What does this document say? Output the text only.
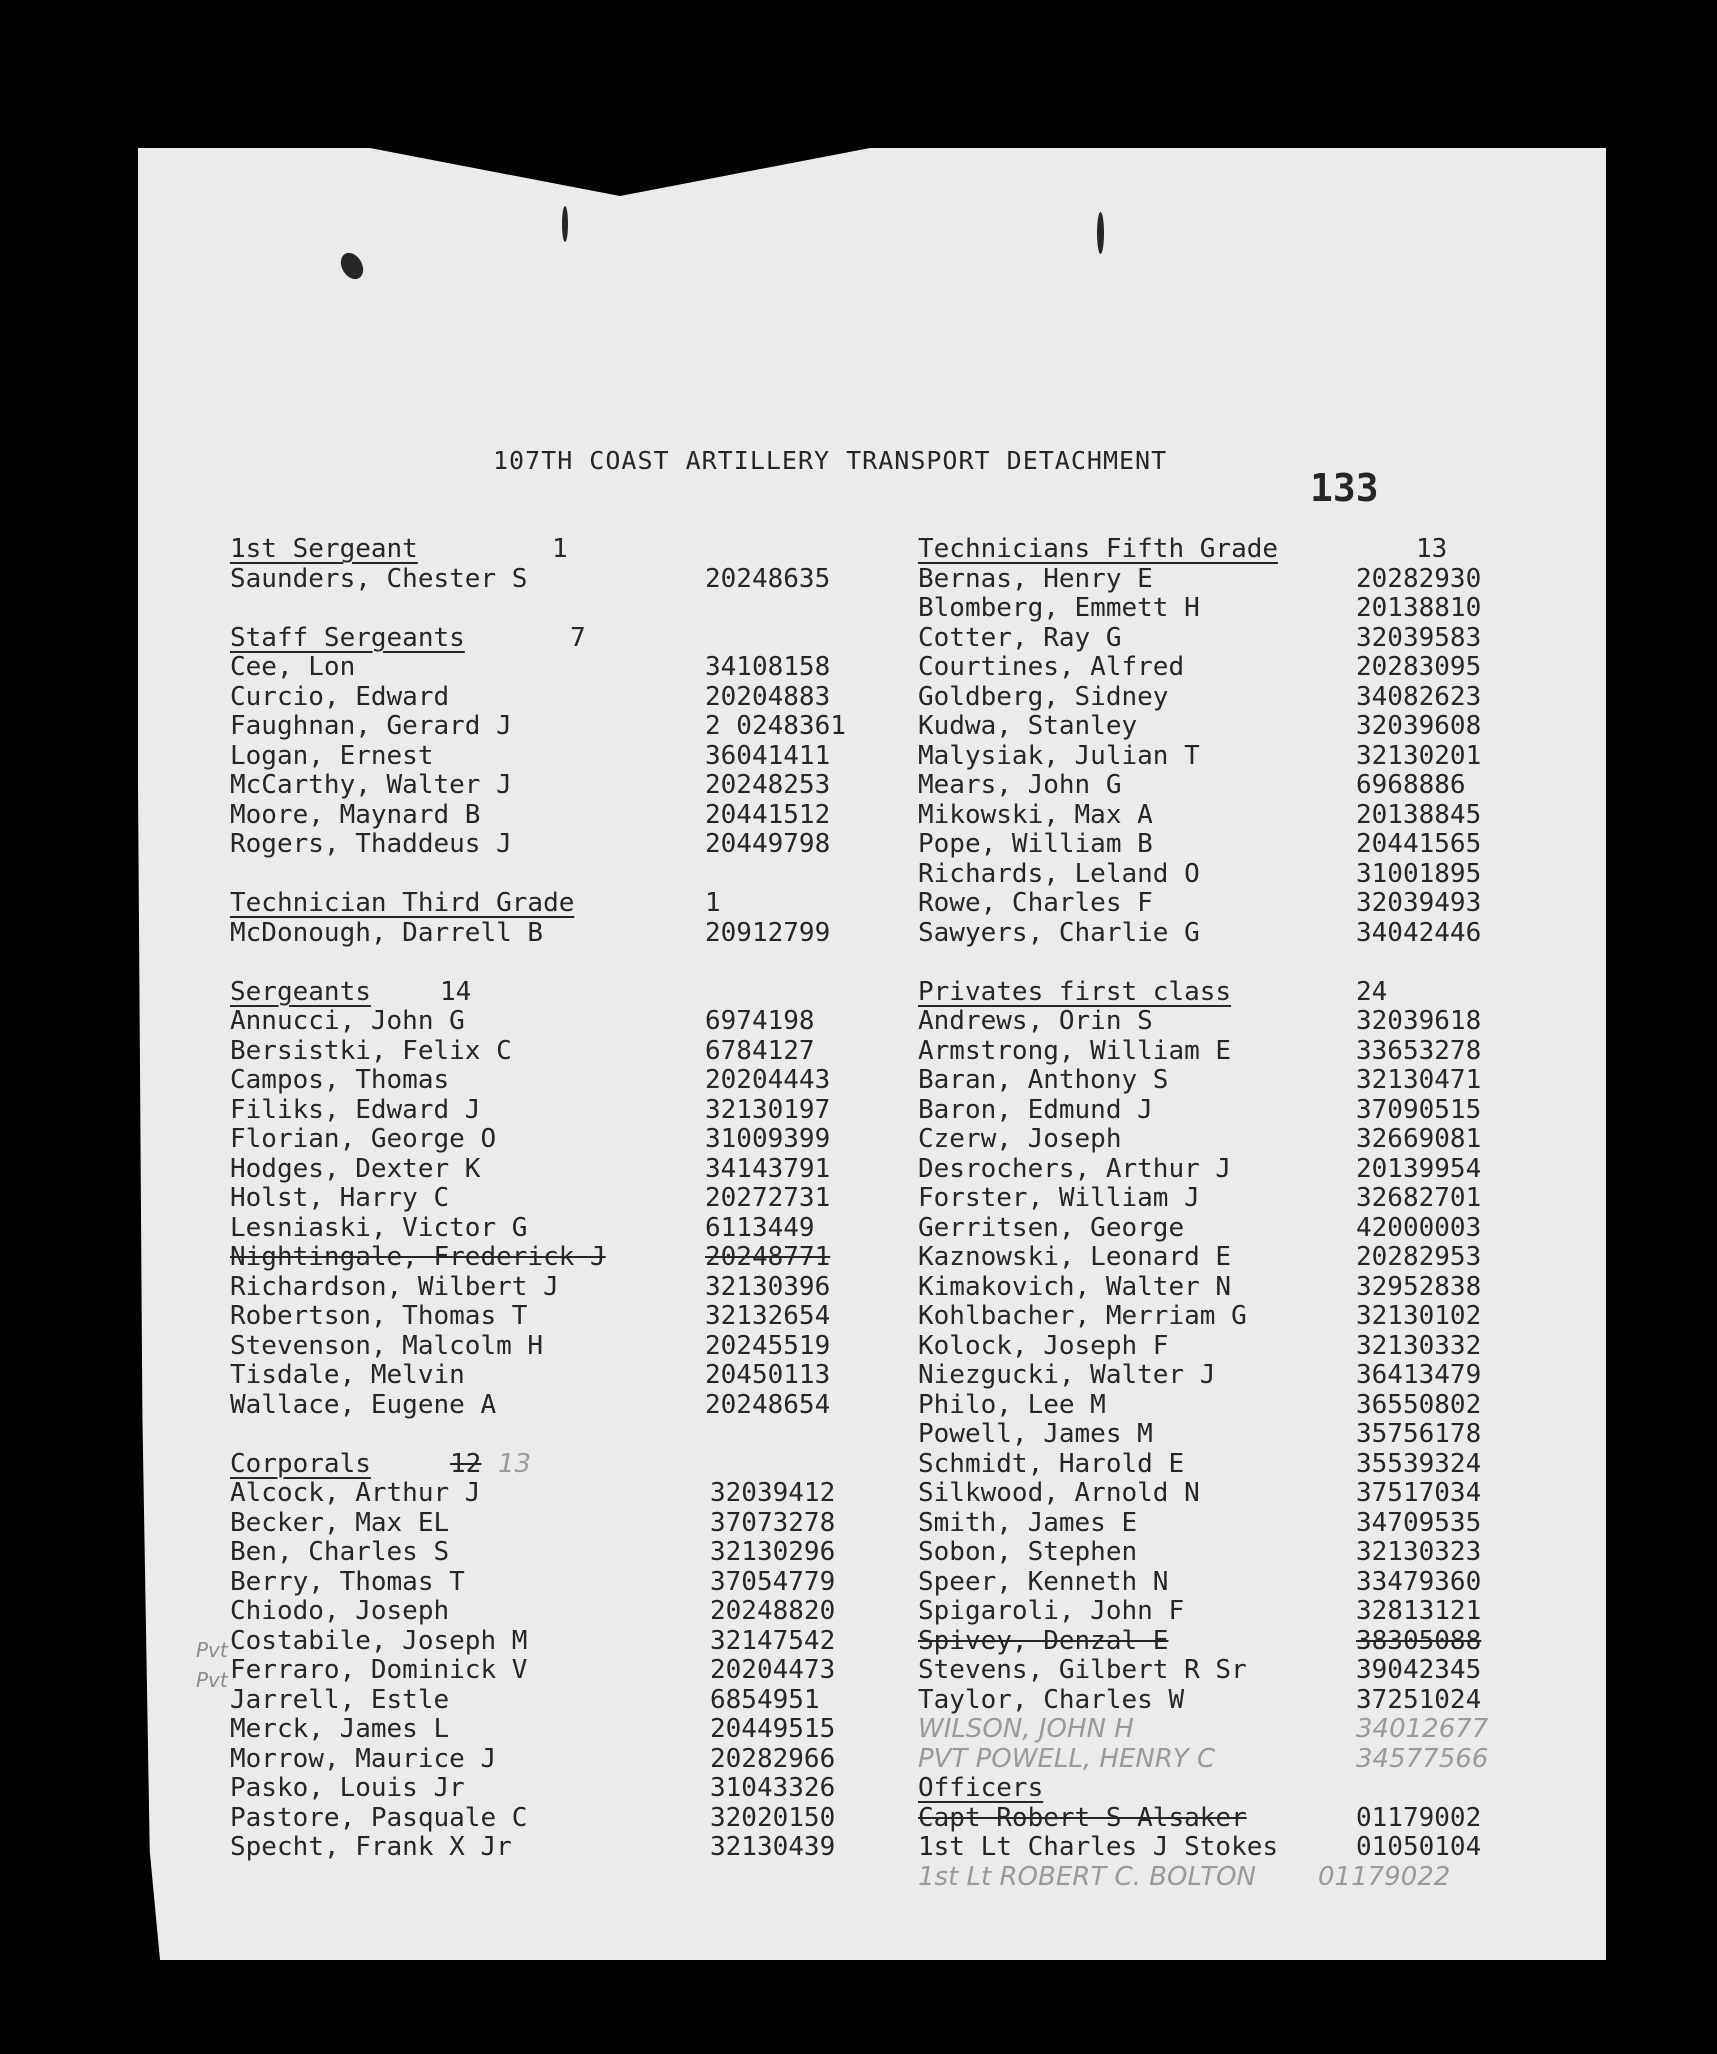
107TH COAST ARTILLERY TRANSPORT DETACHMENT
133
1st Sergeant	1
Saunders, Chester S	20248635
Staff Sergeants	7
Cee, Lon	34108158
Curcio, Edward	20204883
Faughnan, Gerard J	2 0248361
Logan, Ernest	36041411
McCarthy, Walter J	20248253
Moore, Maynard B	20441512
Rogers, Thaddeus J	20449798
Technician Third Grade	1
McDonough, Darrell B	20912799
Sergeants	14
Annucci, John G	6974198
Bersistki, Felix C	6784127
Campos, Thomas	20204443
Filiks, Edward J	32130197
Florian, George O	31009399
Hodges, Dexter K	34143791
Holst, Harry C	20272731
Lesniaski, Victor G	6113449
Nightingale, Frederick J	20248771
Richardson, Wilbert J	32130396
Robertson, Thomas T	32132654
Stevenson, Malcolm H	20245519
Tisdale, Melvin	20450113
Wallace, Eugene A	20248654
Corporals	12 13
Alcock, Arthur J	32039412
Becker, Max EL	37073278
Ben, Charles S	32130296
Berry, Thomas T	37054779
Chiodo, Joseph	20248820
Costabile, Joseph M	32147542
Ferraro, Dominick V	20204473
Jarrell, Estle	6854951
Merck, James L	20449515
Morrow, Maurice J	20282966
Pasko, Louis Jr	31043326
Pastore, Pasquale C	32020150
Specht, Frank X Jr	32130439
Technicians Fifth Grade	13
Bernas, Henry E	20282930
Blomberg, Emmett H	20138810
Cotter, Ray G	32039583
Courtines, Alfred	20283095
Goldberg, Sidney	34082623
Kudwa, Stanley	32039608
Malysiak, Julian T	32130201
Mears, John G	6968886
Mikowski, Max A	20138845
Pope, William B	20441565
Richards, Leland O	31001895
Rowe, Charles F	32039493
Sawyers, Charlie G	34042446
Privates first class	24
Andrews, Orin S	32039618
Armstrong, William E	33653278
Baran, Anthony S	32130471
Baron, Edmund J	37090515
Czerw, Joseph	32669081
Desrochers, Arthur J	20139954
Forster, William J	32682701
Gerritsen, George	42000003
Kaznowski, Leonard E	20282953
Kimakovich, Walter N	32952838
Kohlbacher, Merriam G	32130102
Kolock, Joseph F	32130332
Niezgucki, Walter J	36413479
Philo, Lee M	36550802
Powell, James M	35756178
Schmidt, Harold E	35539324
Silkwood, Arnold N	37517034
Smith, James E	34709535
Sobon, Stephen	32130323
Speer, Kenneth N	33479360
Spigaroli, John F	32813121
Spivey, Denzal E	38305088
Stevens, Gilbert R Sr	39042345
Taylor, Charles W	37251024
WILSON, JOHN H	34012677
PVT POWELL, HENRY C	34577566
Officers
Capt Robert S Alsaker	01179002
1st Lt Charles J Stokes	01050104
1st Lt ROBERT C. BOLTON 01179022
Pvt
Pvt
